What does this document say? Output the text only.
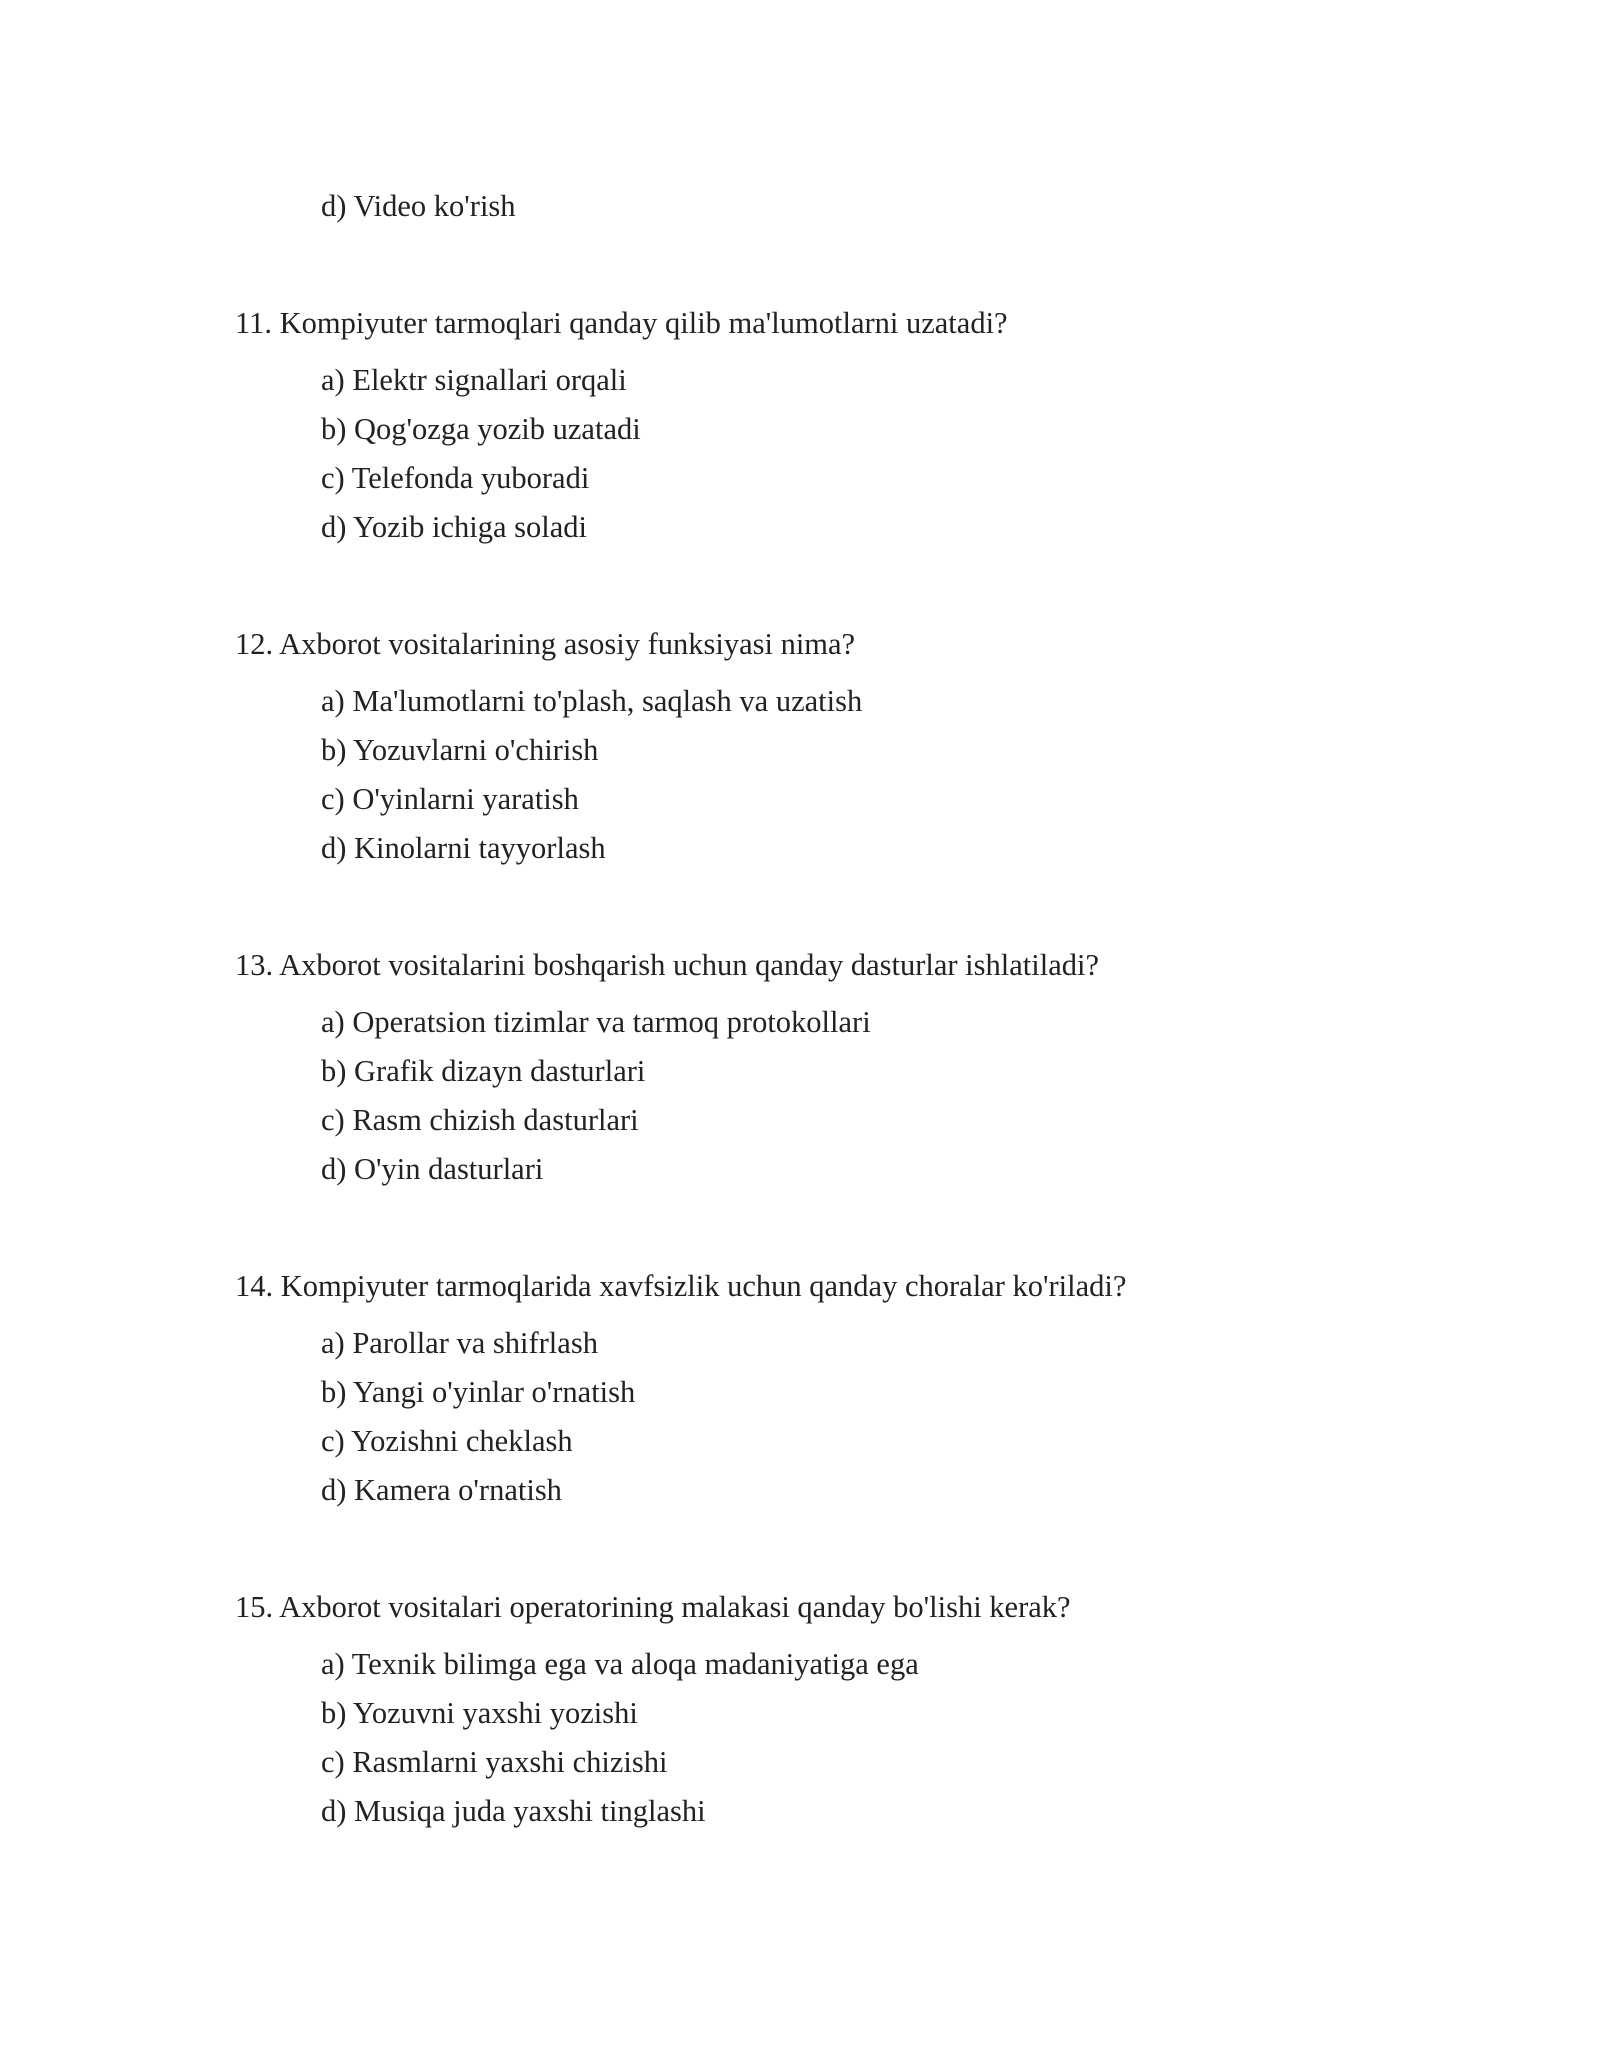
d) Video ko'rish
11. Kompiyuter tarmoqlari qanday qilib ma'lumotlarni uzatadi?
a) Elektr signallari orqali
b) Qog'ozga yozib uzatadi
c) Telefonda yuboradi
d) Yozib ichiga soladi
12. Axborot vositalarining asosiy funksiyasi nima?
a) Ma'lumotlarni to'plash, saqlash va uzatish
b) Yozuvlarni o'chirish
c) O'yinlarni yaratish
d) Kinolarni tayyorlash
13. Axborot vositalarini boshqarish uchun qanday dasturlar ishlatiladi?
a) Operatsion tizimlar va tarmoq protokollari
b) Grafik dizayn dasturlari
c) Rasm chizish dasturlari
d) O'yin dasturlari
14. Kompiyuter tarmoqlarida xavfsizlik uchun qanday choralar ko'riladi?
a) Parollar va shifrlash
b) Yangi o'yinlar o'rnatish
c) Yozishni cheklash
d) Kamera o'rnatish
15. Axborot vositalari operatorining malakasi qanday bo'lishi kerak?
a) Texnik bilimga ega va aloqa madaniyatiga ega
b) Yozuvni yaxshi yozishi
c) Rasmlarni yaxshi chizishi
d) Musiqa juda yaxshi tinglashi
